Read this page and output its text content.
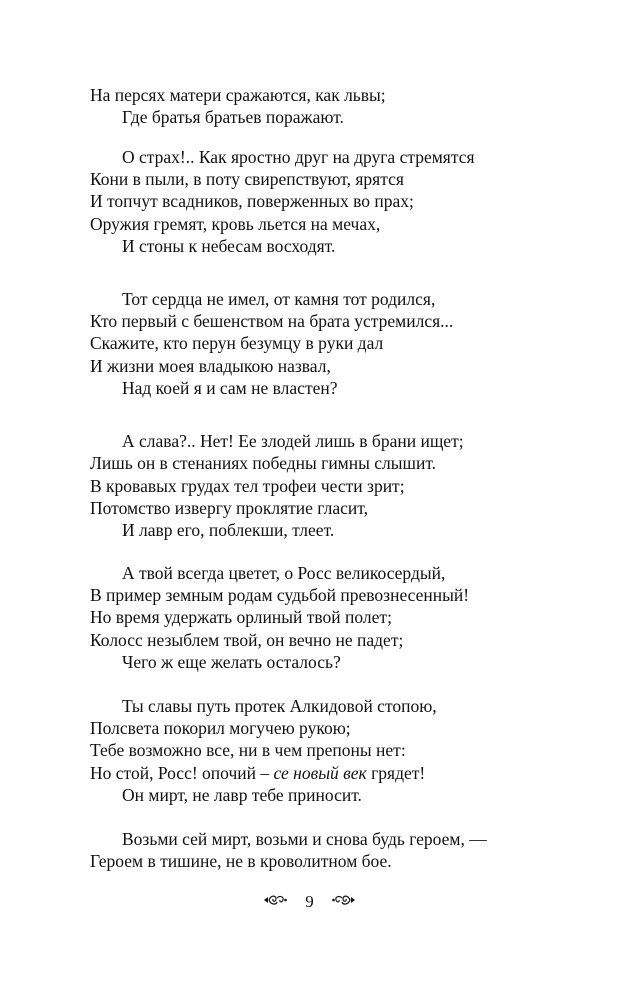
На персях матери сражаются, как львы;
Где братья братьев поражают.
О страх!.. Как яростно друг на друга стремятся
Кони в пыли, в поту свирепствуют, ярятся
И топчут всадников, поверженных во прах;
Оружия гремят, кровь льется на мечах,
И стоны к небесам восходят.
Тот сердца не имел, от камня тот родился,
Кто первый с бешенством на брата устремился...
Скажите, кто перун безумцу в руки дал
И жизни моея владыкою назвал,
Над коей я и сам не властен?
А слава?.. Нет! Ее злодей лишь в брани ищет;
Лишь он в стенаниях победны гимны слышит.
В кровавых грудах тел трофеи чести зрит;
Потомство извергу проклятие гласит,
И лавр его, поблекши, тлеет.
А твой всегда цветет, о Росс великосердый,
В пример земным родам судьбой превознесенный!
Но время удержать орлиный твой полет;
Колосс незыблем твой, он вечно не падет;
Чего ж еще желать осталось?
Ты славы путь протек Алкидовой стопою,
Полсвета покорил могучею рукою;
Тебе возможно все, ни в чем препоны нет:
Но стой, Росс! опочий – се новый век грядет!
Он мирт, не лавр тебе приносит.
Возьми сей мирт, возьми и снова будь героем, —
Героем в тишине, не в кроволитном бое.
9
